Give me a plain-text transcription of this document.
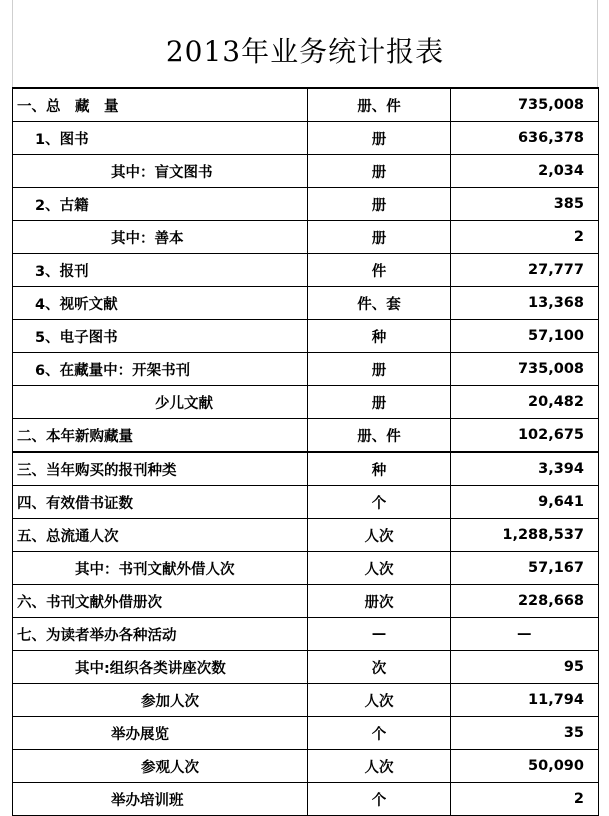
2013年业务统计报表
一、总　藏　量	册、件	735,008
1、图书	册	636,378
其中：盲文图书	册	2,034
2、古籍	册	385
其中：善本	册	2
3、报刊	件	27,777
4、视听文献	件、套	13,368
5、电子图书	种	57,100
6、在藏量中：开架书刊	册	735,008
少儿文献	册	20,482
二、本年新购藏量	册、件	102,675
三、当年购买的报刊种类	种	3,394
四、有效借书证数	个	9,641
五、总流通人次	人次	1,288,537
其中：书刊文献外借人次	人次	57,167
六、书刊文献外借册次	册次	228,668
七、为读者举办各种活动	—	—
其中:组织各类讲座次数	次	95
参加人次	人次	11,794
举办展览	个	35
参观人次	人次	50,090
举办培训班	个	2
